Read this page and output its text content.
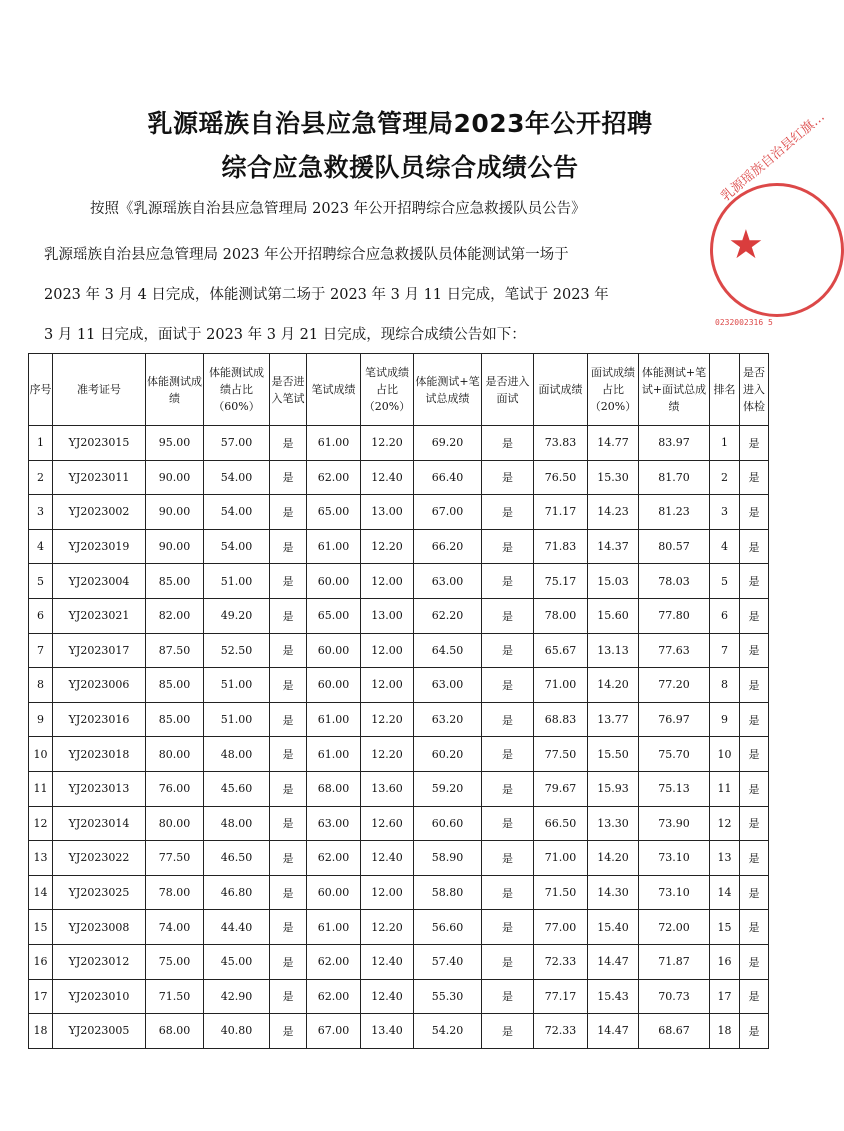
★
乳源瑶族自治县红旗…
0232002316 5
乳源瑶族自治县应急管理局2023年公开招聘
综合应急救援队员综合成绩公告
按照《乳源瑶族自治县应急管理局 2023 年公开招聘综合应急救援队员公告》
乳源瑶族自治县应急管理局 2023 年公开招聘综合应急救援队员体能测试第一场于
2023 年 3 月 4 日完成，体能测试第二场于 2023 年 3 月 11 日完成，笔试于 2023 年
3 月 11 日完成，面试于 2023 年 3 月 21 日完成，现综合成绩公告如下：
序号	准考证号	体能测试成绩	体能测试成绩占比（60%）	是否进入笔试	笔试成绩	笔试成绩占比（20%）	体能测试+笔试总成绩	是否进入面试	面试成绩	面试成绩占比（20%）	体能测试+笔试+面试总成绩	排名	是否进入体检
1	YJ2023015	95.00	57.00	是	61.00	12.20	69.20	是	73.83	14.77	83.97	1	是
2	YJ2023011	90.00	54.00	是	62.00	12.40	66.40	是	76.50	15.30	81.70	2	是
3	YJ2023002	90.00	54.00	是	65.00	13.00	67.00	是	71.17	14.23	81.23	3	是
4	YJ2023019	90.00	54.00	是	61.00	12.20	66.20	是	71.83	14.37	80.57	4	是
5	YJ2023004	85.00	51.00	是	60.00	12.00	63.00	是	75.17	15.03	78.03	5	是
6	YJ2023021	82.00	49.20	是	65.00	13.00	62.20	是	78.00	15.60	77.80	6	是
7	YJ2023017	87.50	52.50	是	60.00	12.00	64.50	是	65.67	13.13	77.63	7	是
8	YJ2023006	85.00	51.00	是	60.00	12.00	63.00	是	71.00	14.20	77.20	8	是
9	YJ2023016	85.00	51.00	是	61.00	12.20	63.20	是	68.83	13.77	76.97	9	是
10	YJ2023018	80.00	48.00	是	61.00	12.20	60.20	是	77.50	15.50	75.70	10	是
11	YJ2023013	76.00	45.60	是	68.00	13.60	59.20	是	79.67	15.93	75.13	11	是
12	YJ2023014	80.00	48.00	是	63.00	12.60	60.60	是	66.50	13.30	73.90	12	是
13	YJ2023022	77.50	46.50	是	62.00	12.40	58.90	是	71.00	14.20	73.10	13	是
14	YJ2023025	78.00	46.80	是	60.00	12.00	58.80	是	71.50	14.30	73.10	14	是
15	YJ2023008	74.00	44.40	是	61.00	12.20	56.60	是	77.00	15.40	72.00	15	是
16	YJ2023012	75.00	45.00	是	62.00	12.40	57.40	是	72.33	14.47	71.87	16	是
17	YJ2023010	71.50	42.90	是	62.00	12.40	55.30	是	77.17	15.43	70.73	17	是
18	YJ2023005	68.00	40.80	是	67.00	13.40	54.20	是	72.33	14.47	68.67	18	是
